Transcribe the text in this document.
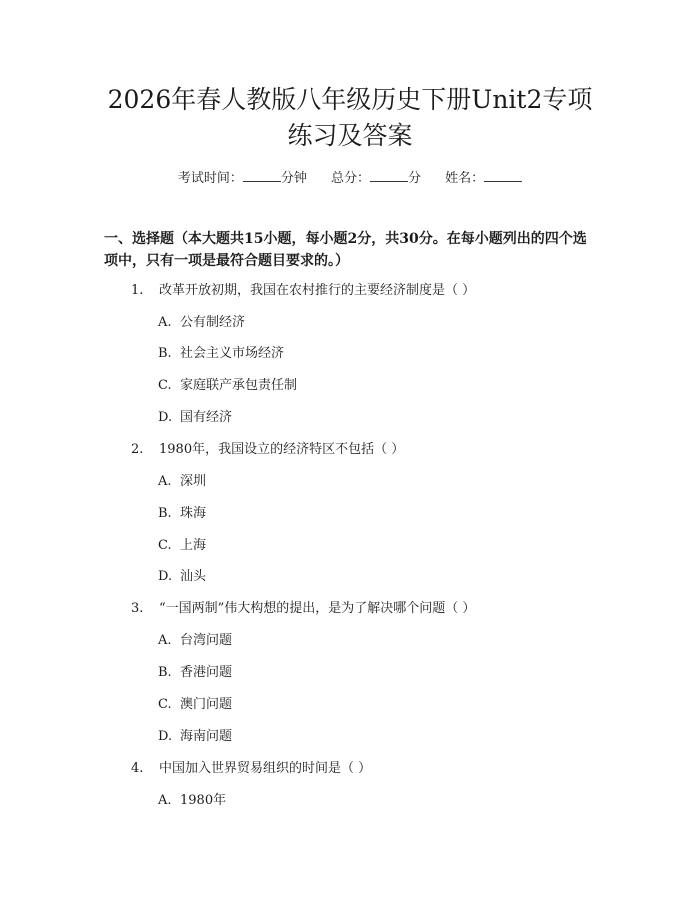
2026年春人教版八年级历史下册Unit2专项
练习及答案
考试时间：	分钟 总分：	分 姓名：
一、选择题（本大题共15小题，每小题2分，共30分。在每小题列出的四个选
项中，只有一项是最符合题目要求的。）
1. 改革开放初期，我国在农村推行的主要经济制度是（ ）
A. 公有制经济
B. 社会主义市场经济
C. 家庭联产承包责任制
D. 国有经济
2. 1980年，我国设立的经济特区不包括（ ）
A. 深圳
B. 珠海
C. 上海
D. 汕头
3. “一国两制”伟大构想的提出，是为了解决哪个问题（ ）
A. 台湾问题
B. 香港问题
C. 澳门问题
D. 海南问题
4. 中国加入世界贸易组织的时间是（ ）
A. 1980年
